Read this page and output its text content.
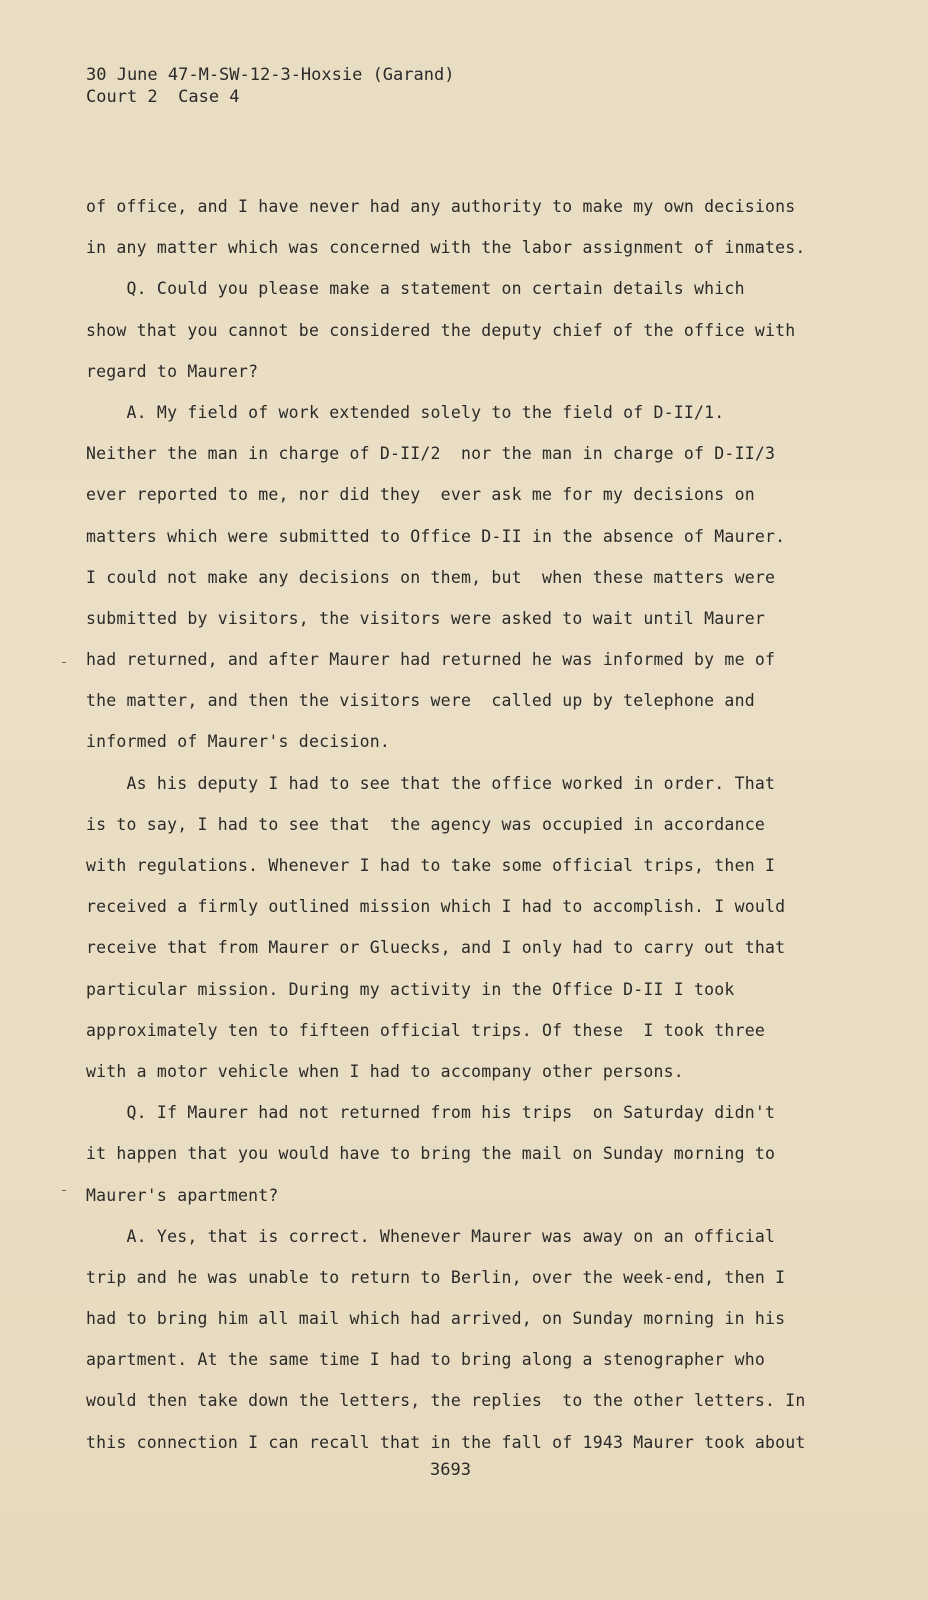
30 June 47-M-SW-12-3-Hoxsie (Garand)
Court 2  Case 4
of office, and I have never had any authority to make my own decisions
in any matter which was concerned with the labor assignment of inmates.
Q. Could you please make a statement on certain details which
show that you cannot be considered the deputy chief of the office with
regard to Maurer?
A. My field of work extended solely to the field of D-II/1.
Neither the man in charge of D-II/2  nor the man in charge of D-II/3
ever reported to me, nor did they  ever ask me for my decisions on
matters which were submitted to Office D-II in the absence of Maurer.
I could not make any decisions on them, but  when these matters were
submitted by visitors, the visitors were asked to wait until Maurer
had returned, and after Maurer had returned he was informed by me of
the matter, and then the visitors were  called up by telephone and
informed of Maurer's decision.
As his deputy I had to see that the office worked in order. That
is to say, I had to see that  the agency was occupied in accordance
with regulations. Whenever I had to take some official trips, then I
received a firmly outlined mission which I had to accomplish. I would
receive that from Maurer or Gluecks, and I only had to carry out that
particular mission. During my activity in the Office D-II I took
approximately ten to fifteen official trips. Of these  I took three
with a motor vehicle when I had to accompany other persons.
Q. If Maurer had not returned from his trips  on Saturday didn't
it happen that you would have to bring the mail on Sunday morning to
Maurer's apartment?
A. Yes, that is correct. Whenever Maurer was away on an official
trip and he was unable to return to Berlin, over the week-end, then I
had to bring him all mail which had arrived, on Sunday morning in his
apartment. At the same time I had to bring along a stenographer who
would then take down the letters, the replies  to the other letters. In
this connection I can recall that in the fall of 1943 Maurer took about
3693
